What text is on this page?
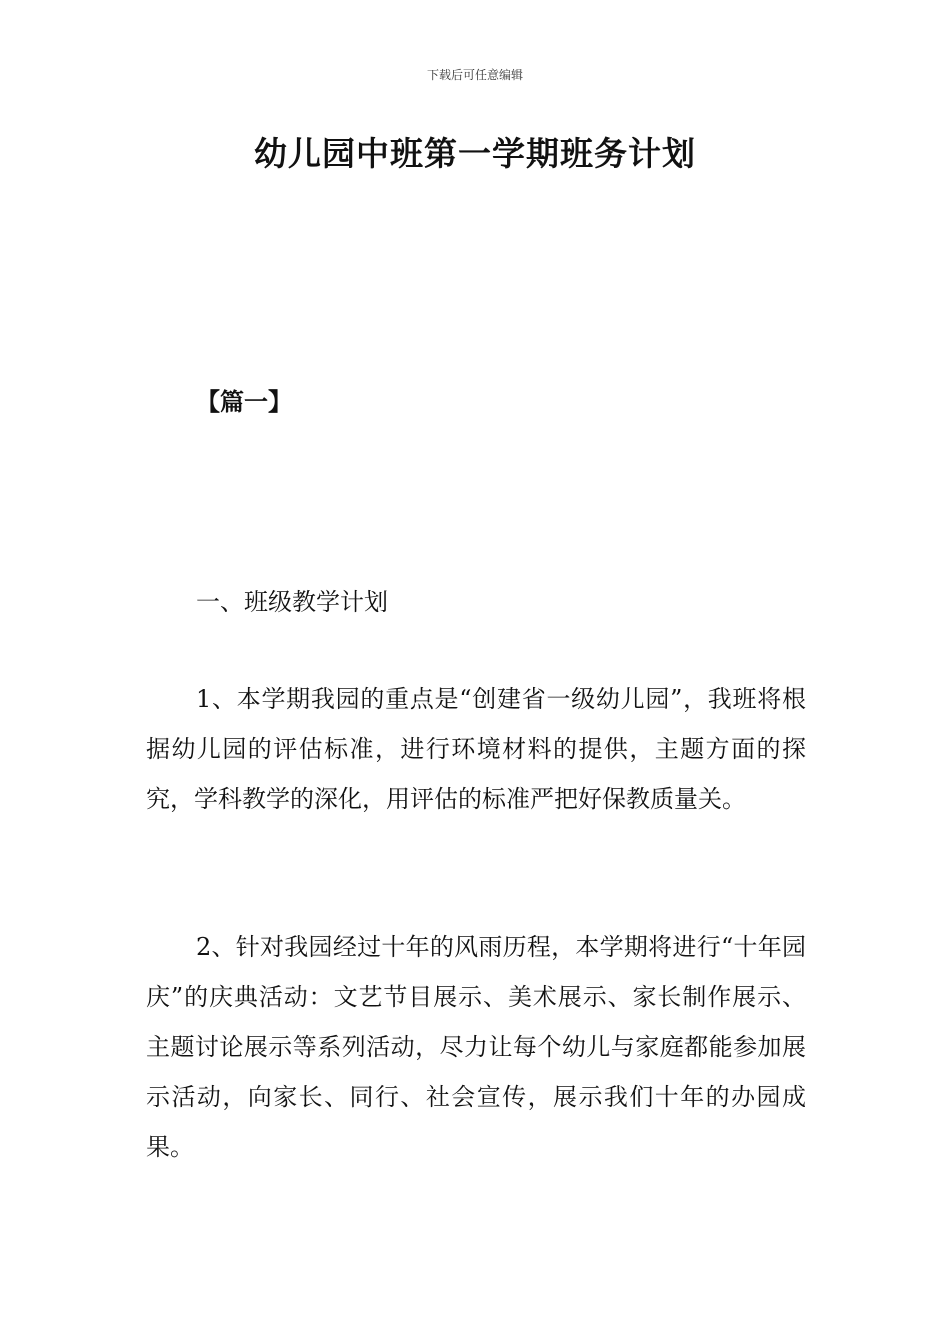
下载后可任意编辑
幼儿园中班第一学期班务计划
【篇一】
一、班级教学计划

1、本学期我园的重点是“创建省一级幼儿园”，我班将根据幼儿园的评估标准，进行环境材料的提供，主题方面的探究，学科教学的深化，用评估的标准严把好保教质量关。

2、针对我园经过十年的风雨历程，本学期将进行“十年园庆”的庆典活动：文艺节目展示、美术展示、家长制作展示、主题讨论展示等系列活动，尽力让每个幼儿与家庭都能参加展示活动，向家长、同行、社会宣传，展示我们十年的办园成果。
